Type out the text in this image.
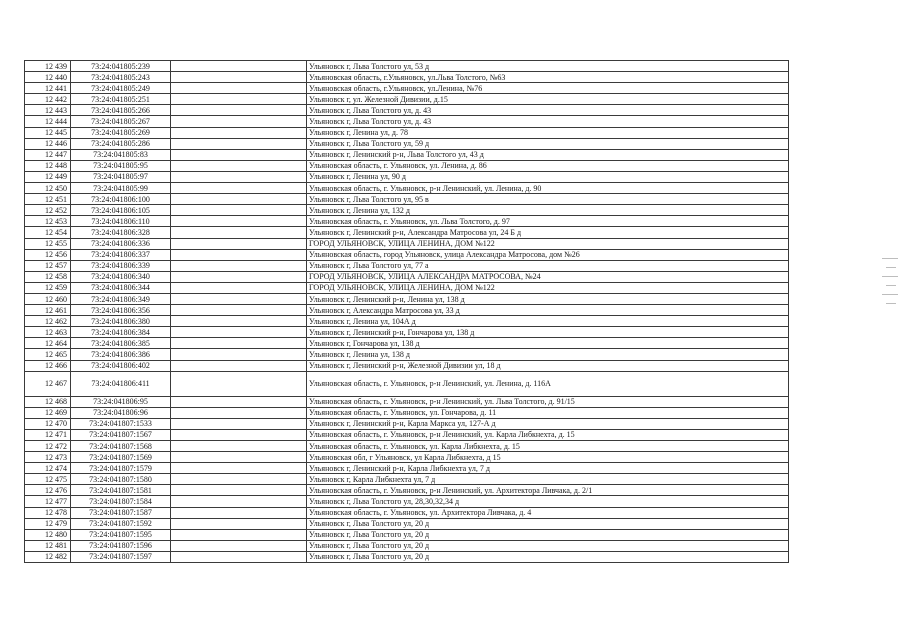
12 439	73:24:041805:239		Ульяновск г, Льва Толстого ул, 53 д
12 440	73:24:041805:243		Ульяновская область, г.Ульяновск, ул.Льва Толстого, №63
12 441	73:24:041805:249		Ульяновская область, г.Ульяновск, ул.Ленина, №76
12 442	73:24:041805:251		Ульяновск г, ул. Железной Дивизии, д.15
12 443	73:24:041805:266		Ульяновск г, Льва Толстого ул, д. 43
12 444	73:24:041805:267		Ульяновск г, Льва Толстого ул, д. 43
12 445	73:24:041805:269		Ульяновск г, Ленина ул, д. 78
12 446	73:24:041805:286		Ульяновск г, Льва Толстого ул, 59 д
12 447	73:24:041805:83		Ульяновск г, Ленинский р-н, Льва Толстого ул, 43 д
12 448	73:24:041805:95		Ульяновская область, г. Ульяновск, ул. Ленина, д. 86
12 449	73:24:041805:97		Ульяновск г, Ленина ул, 90 д
12 450	73:24:041805:99		Ульяновская область, г. Ульяновск, р-н Ленинский, ул. Ленина, д. 90
12 451	73:24:041806:100		Ульяновск г, Льва Толстого ул, 95 в
12 452	73:24:041806:105		Ульяновск г, Ленина ул, 132 д
12 453	73:24:041806:110		Ульяновская область, г. Ульяновск, ул. Льва Толстого, д. 97
12 454	73:24:041806:328		Ульяновск г, Ленинский р-н, Александра Матросова ул, 24 Б д
12 455	73:24:041806:336		ГОРОД УЛЬЯНОВСК, УЛИЦА ЛЕНИНА, ДОМ №122
12 456	73:24:041806:337		Ульяновская область, город Ульяновск, улица Александра Матросова, дом №26
12 457	73:24:041806:339		Ульяновск г, Льва Толстого ул, 77 а
12 458	73:24:041806:340		ГОРОД УЛЬЯНОВСК, УЛИЦА АЛЕКСАНДРА МАТРОСОВА, №24
12 459	73:24:041806:344		ГОРОД УЛЬЯНОВСК, УЛИЦА ЛЕНИНА, ДОМ №122
12 460	73:24:041806:349		Ульяновск г, Ленинский р-н, Ленина ул, 138 д
12 461	73:24:041806:356		Ульяновск г, Александра Матросова ул, 33 д
12 462	73:24:041806:380		Ульяновск г, Ленина ул, 104А д
12 463	73:24:041806:384		Ульяновск г, Ленинский р-н, Гончарова ул, 138 д
12 464	73:24:041806:385		Ульяновск г, Гончарова ул, 138 д
12 465	73:24:041806:386		Ульяновск г, Ленина ул, 138 д
12 466	73:24:041806:402		Ульяновск г, Ленинский р-н, Железной Дивизии ул, 18 д
12 467	73:24:041806:411		Ульяновская область, г. Ульяновск, р-н Ленинский, ул. Ленина, д. 116А
12 468	73:24:041806:95		Ульяновская область, г. Ульяновск, р-н Ленинский, ул. Льва Толстого, д. 91/15
12 469	73:24:041806:96		Ульяновская область, г. Ульяновск, ул. Гончарова, д. 11
12 470	73:24:041807:1533		Ульяновск г, Ленинский р-н, Карла Маркса ул, 127-А д
12 471	73:24:041807:1567		Ульяновская область, г. Ульяновск, р-н Ленинский, ул. Карла Либкнехта, д. 15
12 472	73:24:041807:1568		Ульяновская область, г. Ульяновск, ул. Карла Либкнехта, д. 15
12 473	73:24:041807:1569		Ульяновская обл, г Ульяновск, ул Карла Либкнехта, д 15
12 474	73:24:041807:1579		Ульяновск г, Ленинский р-н, Карла Либкнехта ул, 7 д
12 475	73:24:041807:1580		Ульяновск г, Карла Либкнехта ул, 7 д
12 476	73:24:041807:1581		Ульяновская область, г. Ульяновск, р-н Ленинский, ул. Архитектора Ливчака, д. 2/1
12 477	73:24:041807:1584		Ульяновск г, Льва Толстого ул, 28,30,32,34 д
12 478	73:24:041807:1587		Ульяновская область, г. Ульяновск, ул. Архитектора Ливчака, д. 4
12 479	73:24:041807:1592		Ульяновск г, Льва Толстого ул, 20 д
12 480	73:24:041807:1595		Ульяновск г, Льва Толстого ул, 20 д
12 481	73:24:041807:1596		Ульяновск г, Льва Толстого ул, 20 д
12 482	73:24:041807:1597		Ульяновск г, Льва Толстого ул, 20 д
